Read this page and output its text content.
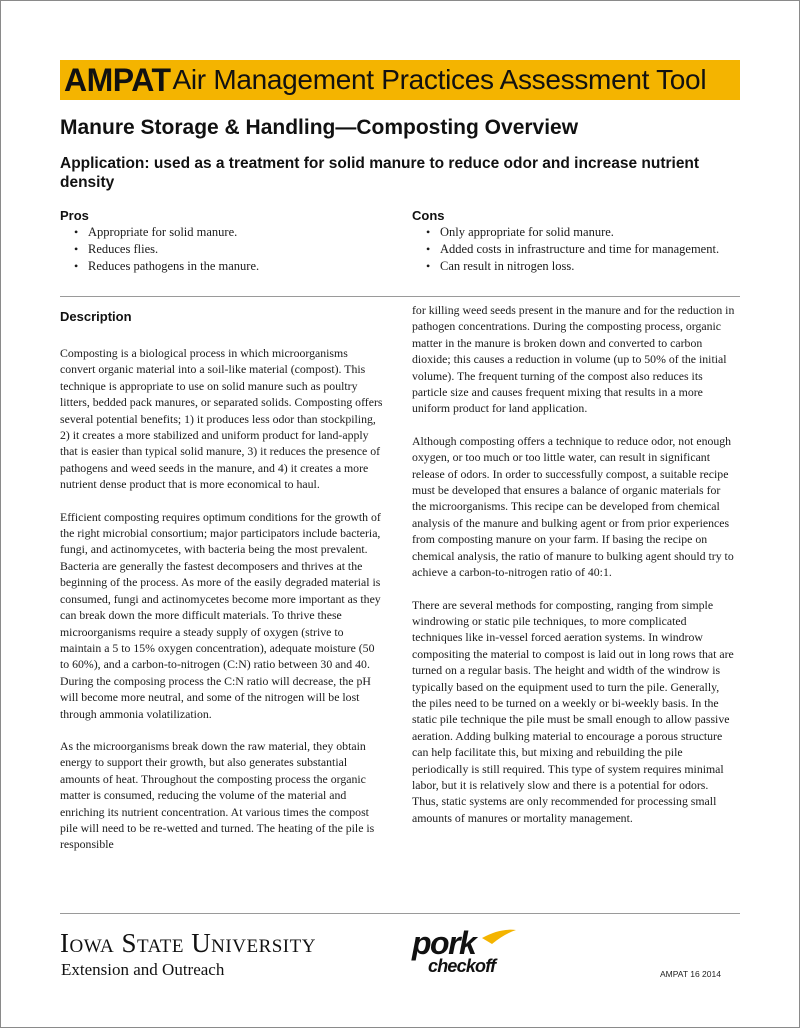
AMPAT Air Management Practices Assessment Tool
Manure Storage & Handling—Composting Overview
Application: used as a treatment for solid manure to reduce odor and increase nutrient density
Pros
• Appropriate for solid manure.
• Reduces flies.
• Reduces pathogens in the manure.
Cons
• Only appropriate for solid manure.
• Added costs in infrastructure and time for management.
• Can result in nitrogen loss.
Description

Composting is a biological process in which microorganisms convert organic material into a soil-like material (compost). This technique is appropriate to use on solid manure such as poultry litters, bedded pack manures, or separated solids. Composting offers several potential benefits; 1) it produces less odor than stockpiling, 2) it creates a more stabilized and uniform product for land-apply that is easier than typical solid manure, 3) it reduces the presence of pathogens and weed seeds in the manure, and 4) it creates a more nutrient dense product that is more economical to haul.

Efficient composting requires optimum conditions for the growth of the right microbial consortium; major participators include bacteria, fungi, and actinomycetes, with bacteria being the most prevalent. Bacteria are generally the fastest decomposers and thrives at the beginning of the process. As more of the easily degraded material is consumed, fungi and actinomycetes become more important as they can break down the more difficult materials. To thrive these microorganisms require a steady supply of oxygen (strive to maintain a 5 to 15% oxygen concentration), adequate moisture (50 to 60%), and a carbon-to-nitrogen (C:N) ratio between 30 and 40. During the composing process the C:N ratio will decrease, the pH will become more neutral, and some of the nitrogen will be lost through ammonia volatilization.

As the microorganisms break down the raw material, they obtain energy to support their growth, but also generates substantial amounts of heat. Throughout the composting process the organic matter is consumed, reducing the volume of the material and enriching its nutrient concentration. At various times the compost pile will need to be re-wetted and turned. The heating of the pile is responsible

for killing weed seeds present in the manure and for the reduction in pathogen concentrations. During the composting process, organic matter in the manure is broken down and converted to carbon dioxide; this causes a reduction in volume (up to 50% of the initial volume). The frequent turning of the compost also reduces its particle size and causes frequent mixing that results in a more uniform product for land application.

Although composting offers a technique to reduce odor, not enough oxygen, or too much or too little water, can result in significant release of odors. In order to successfully compost, a suitable recipe must be developed that ensures a balance of organic materials for the microorganisms. This recipe can be developed from chemical analysis of the manure and bulking agent or from prior experiences from composting manure on your farm. If basing the recipe on chemical analysis, the ratio of manure to bulking agent should try to achieve a carbon-to-nitrogen ratio of 40:1.

There are several methods for composting, ranging from simple windrowing or static pile techniques, to more complicated techniques like in-vessel forced aeration systems. In windrow compositing the material to compost is laid out in long rows that are turned on a regular basis. The height and width of the windrow is typically based on the equipment used to turn the pile. Generally, the piles need to be turned on a weekly or bi-weekly basis. In the static pile technique the pile must be small enough to allow passive aeration. Adding bulking material to encourage a porous structure can help facilitate this, but mixing and rebuilding the pile periodically is still required. This type of system requires minimal labor, but it is relatively slow and there is a potential for odors. Thus, static systems are only recommended for processing small amounts of manures or mortality management.

Iowa State University
Extension and Outreach
pork
checkoff	AMPAT 16 2014
